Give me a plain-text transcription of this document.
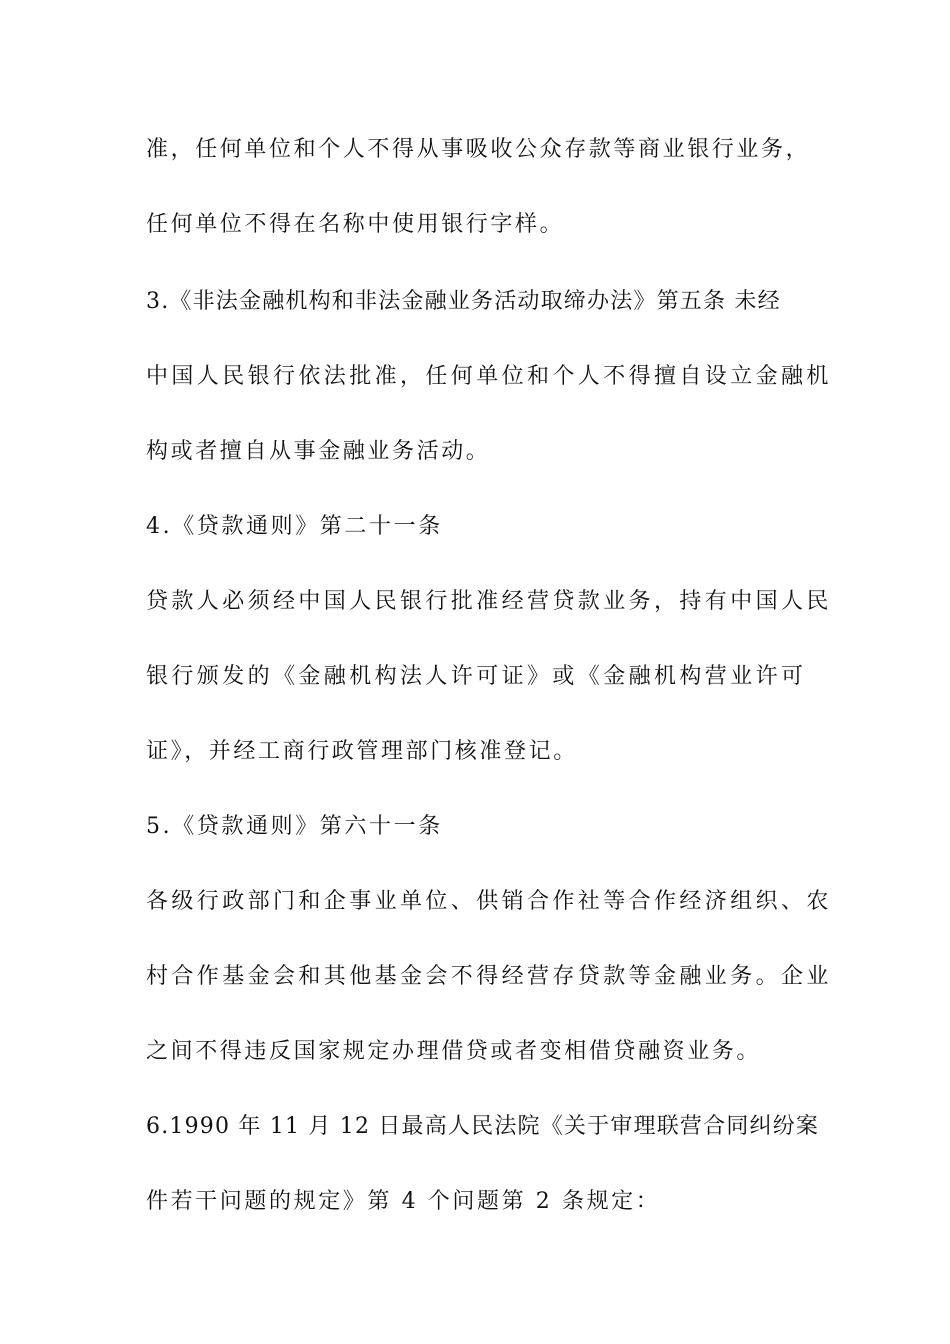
准，任何单位和个人不得从事吸收公众存款等商业银行业务，
任何单位不得在名称中使用银行字样。
3.《非法金融机构和非法金融业务活动取缔办法》第五条 未经
中国人民银行依法批准，任何单位和个人不得擅自设立金融机
构或者擅自从事金融业务活动。
4.《贷款通则》第二十一条
贷款人必须经中国人民银行批准经营贷款业务，持有中国人民
银行颁发的《金融机构法人许可证》或《金融机构营业许可
证》，并经工商行政管理部门核准登记。
5.《贷款通则》第六十一条
各级行政部门和企事业单位、供销合作社等合作经济组织、农
村合作基金会和其他基金会不得经营存贷款等金融业务。企业
之间不得违反国家规定办理借贷或者变相借贷融资业务。
6.1990 年 11 月 12 日最高人民法院《关于审理联营合同纠纷案
件若干问题的规定》第 4 个问题第 2 条规定：
